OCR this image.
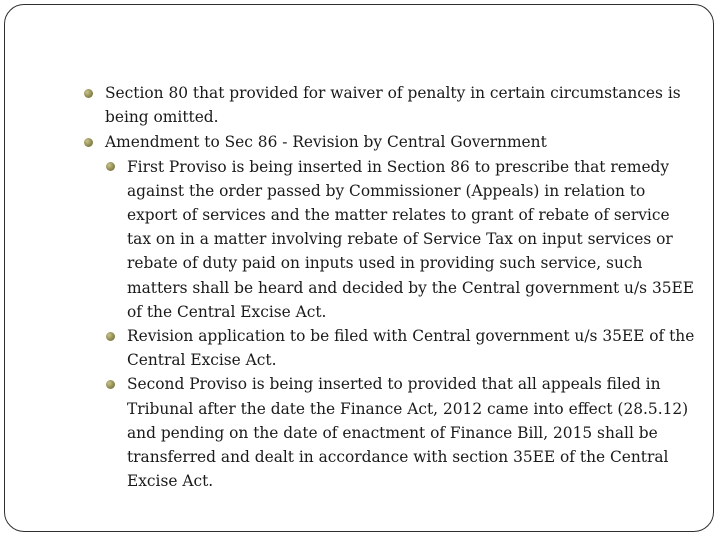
Section 80 that provided for waiver of penalty in certain circumstances is being omitted.
Amendment to Sec 86 - Revision by Central Government
First Proviso is being inserted in Section 86 to prescribe that remedy against the order passed by Commissioner (Appeals) in relation to export of services and the matter relates to grant of rebate of service tax on in a matter involving rebate of Service Tax on input services or rebate of duty paid on inputs used in providing such service, such matters shall be heard and decided by the Central government u/s 35EE of the Central Excise Act.
Revision application to be filed with Central government u/s 35EE of the Central Excise Act.
Second Proviso is being inserted to provided that all appeals filed in Tribunal after the date the Finance Act, 2012 came into effect (28.5.12) and pending on the date of enactment of Finance Bill, 2015 shall be transferred and dealt in accordance with section 35EE of the Central Excise Act.
